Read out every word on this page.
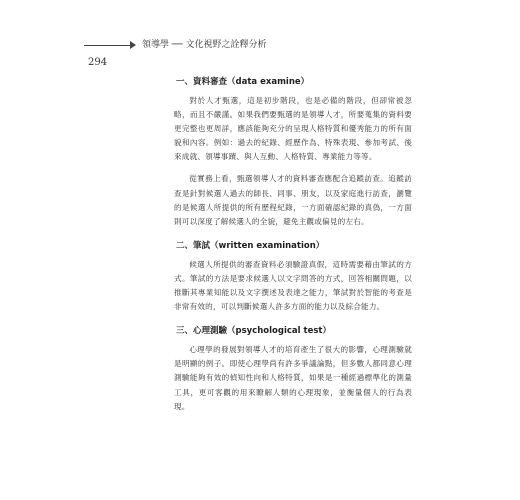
領導學 ── 文化視野之詮釋分析
294
一、資料審查（data examine）

對於人才甄選，這是初步階段，也是必備的階段，但卻常被忽略，而且不嚴謹。如果我們要甄選的是領導人才，所要蒐集的資料要更完整也更周詳，應該能夠充分的呈現人格特質和優秀能力的所有面貌和內容。例如：過去的紀錄、經歷作為、特殊表現、參加考試、後來成就、領導事蹟、與人互動、人格特質、專業能力等等。

從實務上看，甄選領導人才的資料審查應配合追蹤訪查。追蹤訪查是針對候選人過去的師長、同事、朋友，以及家庭進行訪查，瀏覽的是候選人所提供的所有歷程紀錄，一方面確認紀錄的真偽，一方面則可以深度了解候選人的全貌，避免主觀或偏見的左右。

二、筆試（written examination）

候選人所提供的審查資料必須驗證真假，這時需要藉由筆試的方式。筆試的方法是要求候選人以文字問答的方式，回答相關問題，以推斷其專業知能以及文字撰述及表達之能力，筆試對於智能的考查是非常有效的，可以判斷候選人許多方面的能力以及綜合能力。

三、心理測驗（psychological test）

心理學的發展對領導人才的培育產生了很大的影響，心理測驗就是明顯的例子。即使心理學尚有許多爭議論點，但多數人都同意心理測驗能夠有效的偵知性向和人格特質，如果是一種經過標準化的測量工具，更可客觀的用來瞭解人類的心理現象，並衡量個人的行為表現。
